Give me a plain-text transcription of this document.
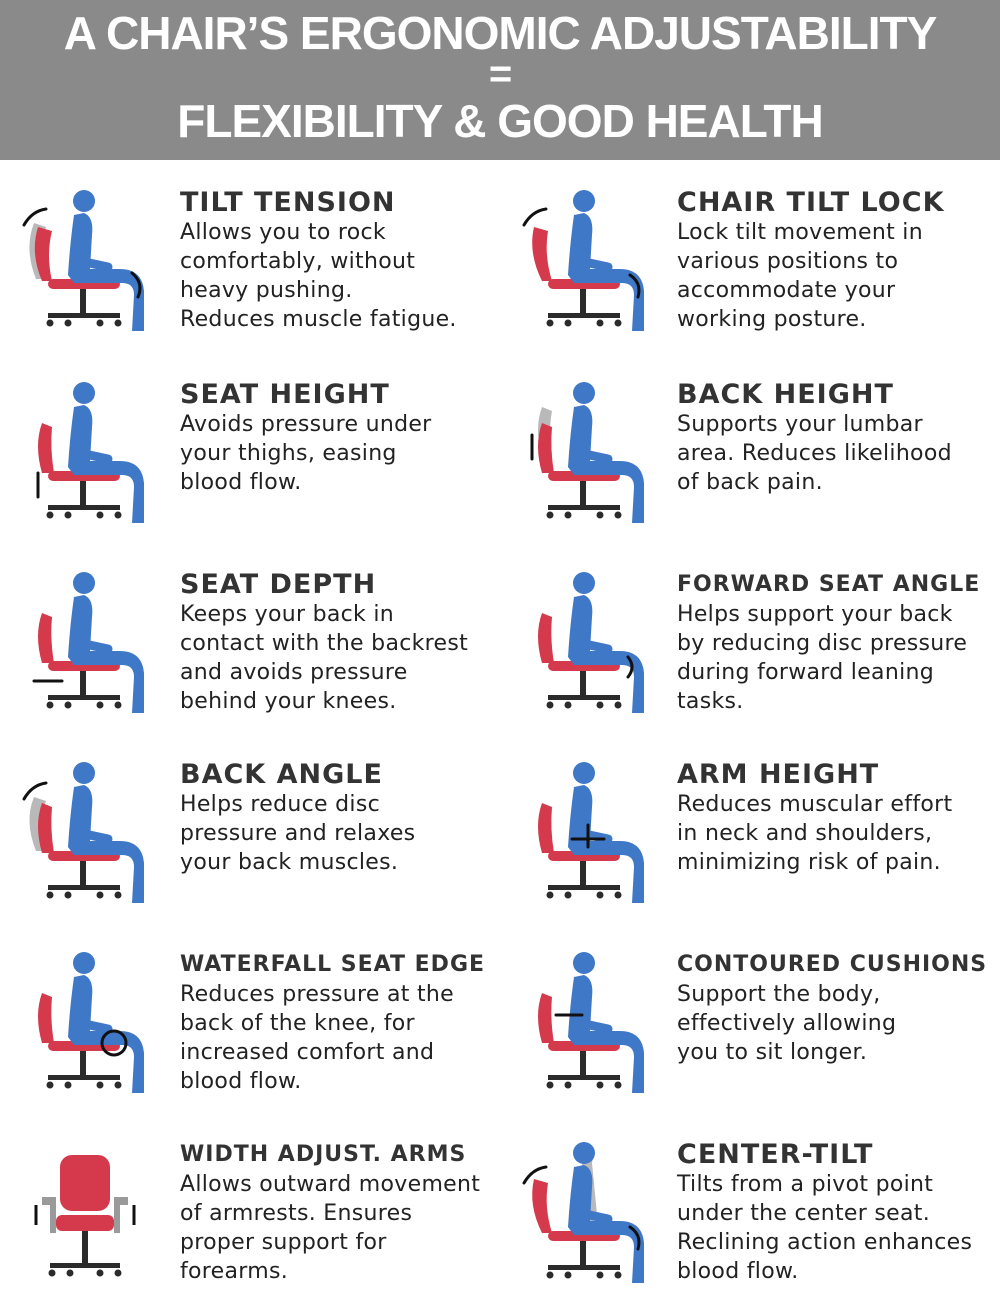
A CHAIR’S ERGONOMIC ADJUSTABILITY
=
FLEXIBILITY & GOOD HEALTH
TILT TENSION
Allows you to rock
comfortably, without
heavy pushing.
Reduces muscle fatigue.
CHAIR TILT LOCK
Lock tilt movement in
various positions to
accommodate your
working posture.
SEAT HEIGHT
Avoids pressure under
your thighs, easing
blood flow.
BACK HEIGHT
Supports your lumbar
area. Reduces likelihood
of back pain.
SEAT DEPTH
Keeps your back in
contact with the backrest
and avoids pressure
behind your knees.
FORWARD SEAT ANGLE
Helps support your back
by reducing disc pressure
during forward leaning
tasks.
BACK ANGLE
Helps reduce disc
pressure and relaxes
your back muscles.
ARM HEIGHT
Reduces muscular effort
in neck and shoulders,
minimizing risk of pain.
WATERFALL SEAT EDGE
Reduces pressure at the
back of the knee, for
increased comfort and
blood flow.
CONTOURED CUSHIONS
Support the body,
effectively allowing
you to sit longer.
WIDTH ADJUST. ARMS
Allows outward movement
of armrests. Ensures
proper support for
forearms.
CENTER-TILT
Tilts from a pivot point
under the center seat.
Reclining action enhances
blood flow.
